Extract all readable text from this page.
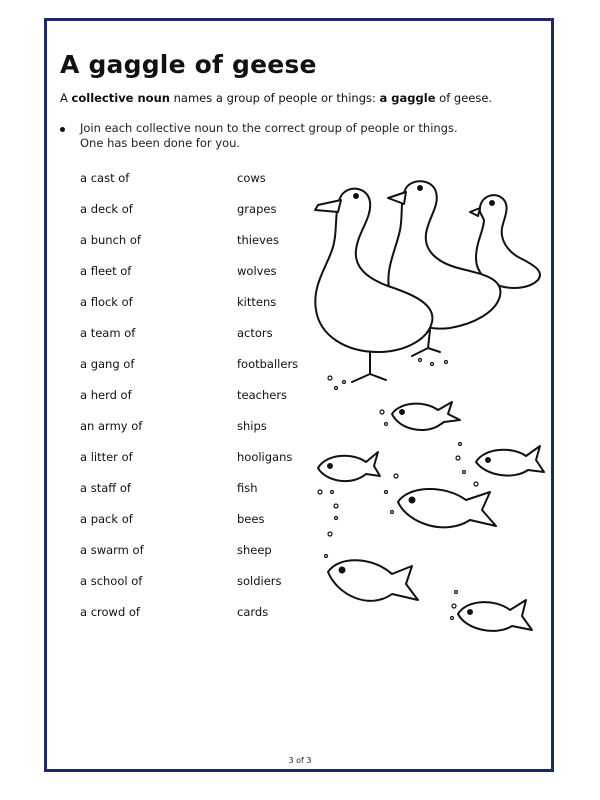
A gaggle of geese
A collective noun names a group of people or things: a gaggle of geese.
Join each collective noun to the correct group of people or things.
One has been done for you.
a cast of
a deck of
a bunch of
a fleet of
a flock of
a team of
a gang of
a herd of
an army of
a litter of
a staff of
a pack of
a swarm of
a school of
a crowd of
cows
grapes
thieves
wolves
kittens
actors
footballers
teachers
ships
hooligans
fish
bees
sheep
soldiers
cards
3 of 3
